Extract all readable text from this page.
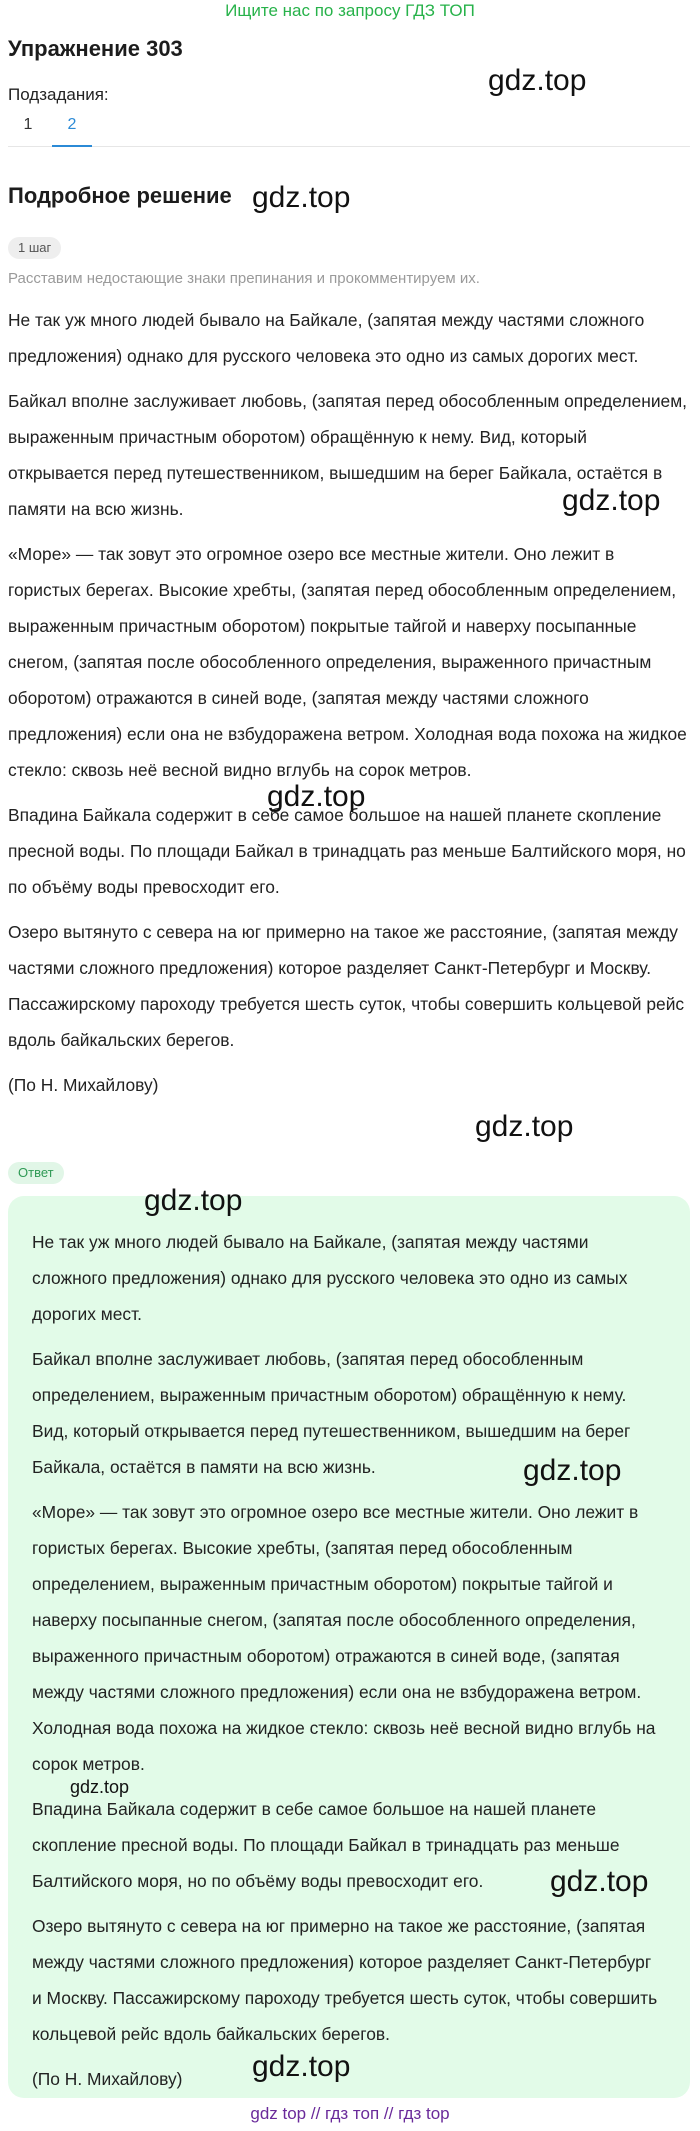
Ищите нас по запросу ГДЗ ТОП
Упражнение 303
Подзадания:
1	2
Подробное решение
1 шаг
Расставим недостающие знаки препинания и прокомментируем их.

Не так уж много людей бывало на Байкале, (запятая между частями сложного предложения) однако для русского человека это одно из самых дорогих мест.

Байкал вполне заслуживает любовь, (запятая перед обособленным определением, выраженным причастным оборотом) обращённую к нему. Вид, который открывается перед путешественником, вышедшим на берег Байкала, остаётся в памяти на всю жизнь.

«Море» — так зовут это огромное озеро все местные жители. Оно лежит в гористых берегах. Высокие хребты, (запятая перед обособленным определением, выраженным причастным оборотом) покрытые тайгой и наверху посыпанные снегом, (запятая после обособленного определения, выраженного причастным оборотом) отражаются в синей воде, (запятая между частями сложного предложения) если она не взбудоражена ветром. Холодная вода похожа на жидкое стекло: сквозь неё весной видно вглубь на сорок метров.

Впадина Байкала содержит в себе самое большое на нашей планете скопление пресной воды. По площади Байкал в тринадцать раз меньше Балтийского моря, но по объёму воды превосходит его.

Озеро вытянуто с севера на юг примерно на такое же расстояние, (запятая между частями сложного предложения) которое разделяет Санкт-Петербург и Москву. Пассажирскому пароходу требуется шесть суток, чтобы совершить кольцевой рейс вдоль байкальских берегов.

(По Н. Михайлову)

Ответ

Не так уж много людей бывало на Байкале, (запятая между частями сложного предложения) однако для русского человека это одно из самых дорогих мест.

Байкал вполне заслуживает любовь, (запятая перед обособленным определением, выраженным причастным оборотом) обращённую к нему. Вид, который открывается перед путешественником, вышедшим на берег Байкала, остаётся в памяти на всю жизнь.

«Море» — так зовут это огромное озеро все местные жители. Оно лежит в гористых берегах. Высокие хребты, (запятая перед обособленным определением, выраженным причастным оборотом) покрытые тайгой и наверху посыпанные снегом, (запятая после обособленного определения, выраженного причастным оборотом) отражаются в синей воде, (запятая между частями сложного предложения) если она не взбудоражена ветром. Холодная вода похожа на жидкое стекло: сквозь неё весной видно вглубь на сорок метров.

Впадина Байкала содержит в себе самое большое на нашей планете скопление пресной воды. По площади Байкал в тринадцать раз меньше Балтийского моря, но по объёму воды превосходит его.

Озеро вытянуто с севера на юг примерно на такое же расстояние, (запятая между частями сложного предложения) которое разделяет Санкт-Петербург и Москву. Пассажирскому пароходу требуется шесть суток, чтобы совершить кольцевой рейс вдоль байкальских берегов.

(По Н. Михайлову)

gdz.top
gdz.top
gdz.top
gdz.top
gdz.top
gdz.top
gdz.top
gdz.top
gdz.top
gdz.top
gdz top // гдз топ // гдз top
